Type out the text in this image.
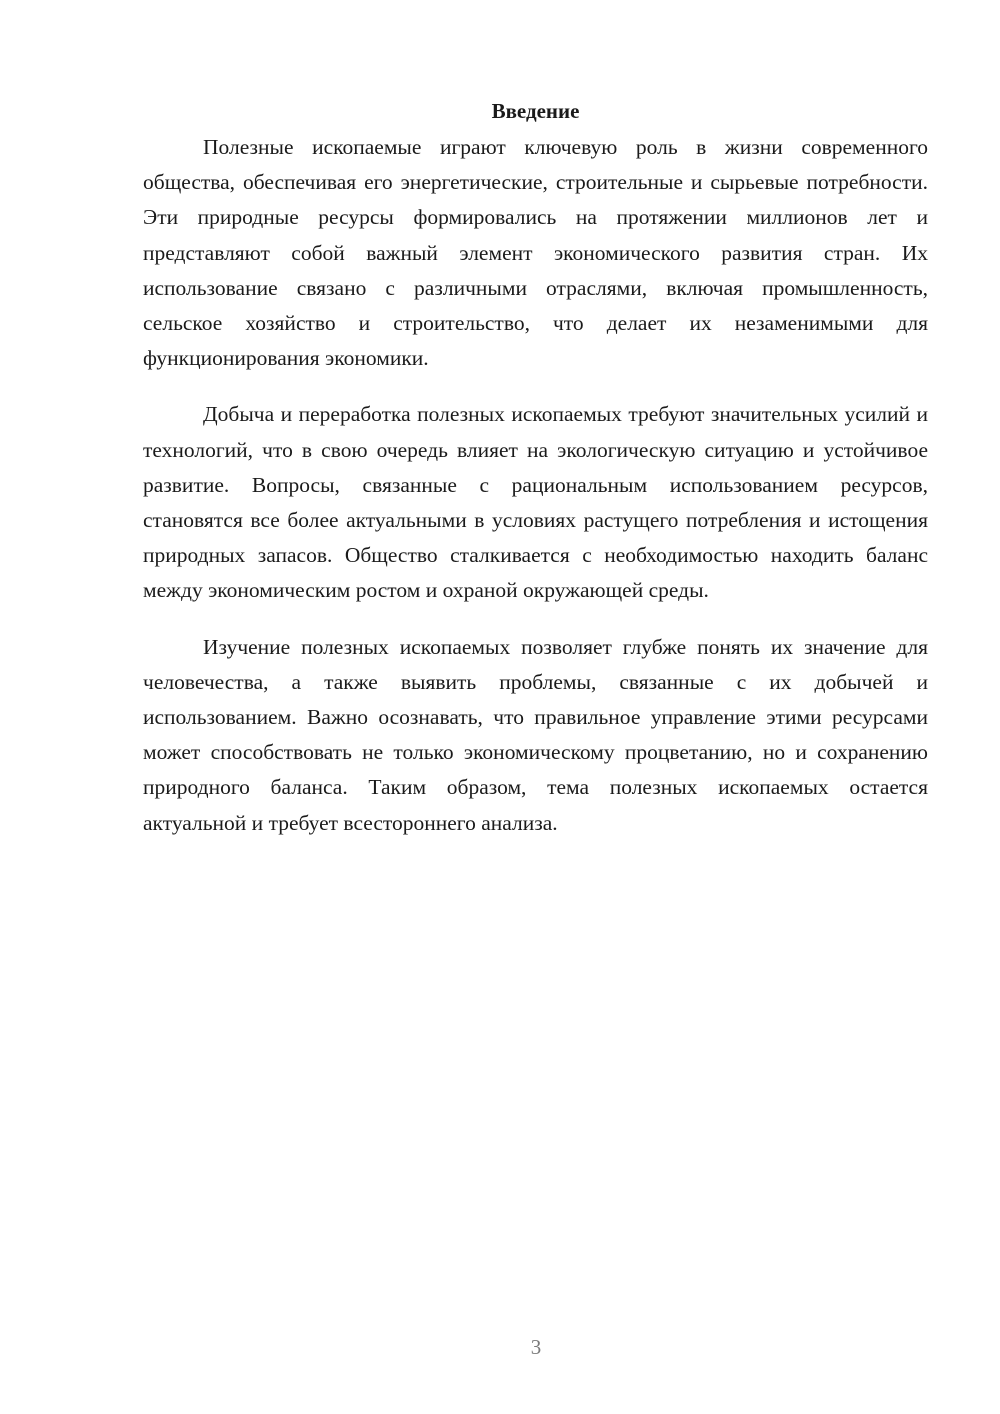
Введение

Полезные ископаемые играют ключевую роль в жизни современного общества, обеспечивая его энергетические, строительные и сырьевые потребности. Эти природные ресурсы формировались на протяжении миллионов лет и представляют собой важный элемент экономического развития стран. Их использование связано с различными отраслями, включая промышленность, сельское хозяйство и строительство, что делает их незаменимыми для функционирования экономики.

Добыча и переработка полезных ископаемых требуют значительных усилий и технологий, что в свою очередь влияет на экологическую ситуацию и устойчивое развитие. Вопросы, связанные с рациональным использованием ресурсов, становятся все более актуальными в условиях растущего потребления и истощения природных запасов. Общество сталкивается с необходимостью находить баланс между экономическим ростом и охраной окружающей среды.

Изучение полезных ископаемых позволяет глубже понять их значение для человечества, а также выявить проблемы, связанные с их добычей и использованием. Важно осознавать, что правильное управление этими ресурсами может способствовать не только экономическому процветанию, но и сохранению природного баланса. Таким образом, тема полезных ископаемых остается актуальной и требует всестороннего анализа.

3
